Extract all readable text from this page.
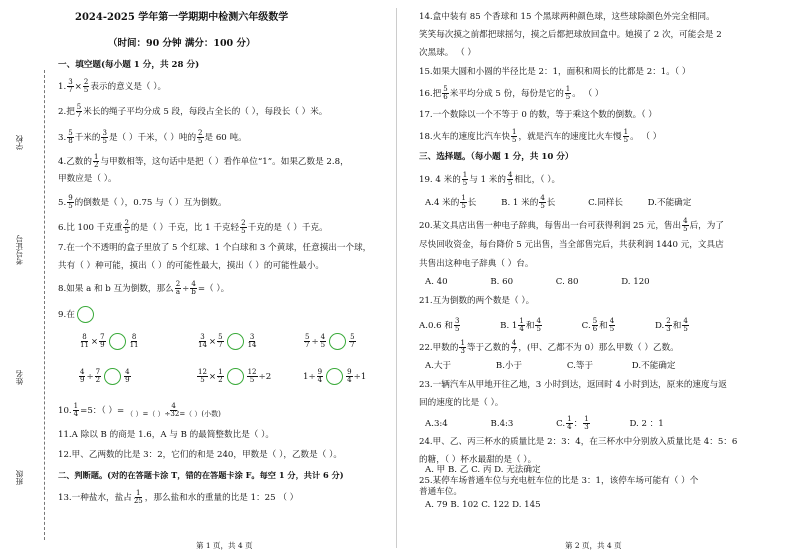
班级
姓名
考号证号
学校
2024-2025 学年第一学期期中检测六年级数学
（时间：90 分钟 满分：100 分）
一、填空题(每小题 1 分，共 28 分)
1. $\frac{3}{7} \times \frac{2}{5}$ 表示的意义是（ ）。
2.把 $\frac{5}{7}$ 米长的绳子平均分成 5 段，每段占全长的（ ），每段长（ ）米。
3. $\frac{5}{8}$ 千米的 $\frac{3}{5}$ 是（ ）千米，（ ）吨的 $\frac{2}{5}$ 是 60 吨。
4.乙数的 $\frac{1}{2}$ 与甲数相等，这句话中是把（ ）看作单位“1”。如果乙数是 2.8，
甲数应是（ ）。
5. $\frac{9}{5}$ 的倒数是（ ），0.75 与（ ）互为倒数。
6.比 100 千克重 $\frac{2}{5}$ 的是（ ）千克，比 1 千克轻 $\frac{2}{5}$ 千克的是（ ）千克。
7.在一个不透明的盒子里放了 5 个红球、1 个白球和 3 个黄球，任意摸出一个球，
共有（ ）种可能，摸出（ ）的可能性最大，摸出（ ）的可能性最小。
8.如果 a 和 b 互为倒数，那么 $\frac{2}{a} \div \frac{4}{b}$ =（ ）。
9.在
$\frac{8}{11} \times \frac{7}{9}$	$\frac{8}{11}$	$\frac{3}{14} \times \frac{5}{7}$	$\frac{3}{14}$	$\frac{5}{7} \div \frac{4}{5}$	$\frac{5}{7}$
$\frac{4}{9} \div \frac{7}{2}$	$\frac{4}{9}$	$\frac{12}{5} \times \frac{1}{2}$	$\frac{12}{5} \div 2$	$1\div \frac{9}{4}$	$\frac{9}{4} \div 1$
10. $\frac{1}{4} =5$：（ ）=	4
（ ）=（ ）÷32=（ ）(小数)
11.A 除以 B 的商是 1.6，A 与 B 的最简整数比是（ ）。
12.甲、乙两数的比是 3：2，它们的和是 240，甲数是（ ），乙数是（ ）。
二、判断题。(对的在答题卡涂 T，错的在答题卡涂 F。每空 1 分，共计 6 分)
13.一种盐水，盐占 $\frac{1}{25}$ ，那么盐和水的重量的比是 1：25 （ ）
第 1 页，共 4 页
14.盒中装有 85 个香球和 15 个黑球两种颜色球，这些球除颜色外完全相同。
笑笑每次摸之前都把球摇匀，摸之后都把球放回盒中。她摸了 2 次，可能会是 2
次黑球。 （ ）
15.如果大圆和小圆的半径比是 2：1，面积和周长的比都是 2：1。（ ）
16.把 $\frac{5}{6}$ 米平均分成 5 份，每份是它的 $\frac{1}{5}$ 。 （ ）
17.一个数除以一个不等于 0 的数，等于乘这个数的倒数。（ ）
18.火车的速度比汽车快 $\frac{1}{5}$ ，就是汽车的速度比火车慢 $\frac{1}{5}$ 。 （ ）
三、选择题。（每小题 1 分，共 10 分）
19. 4 米的 $\frac{1}{5}$ 与 1 米的 $\frac{4}{5}$ 相比，（ ）。
A.4 米的 $\frac{1}{5}$ 长	B. 1 米的 $\frac{4}{5}$ 长	C.同样长	D.不能确定
20.某文具店出售一种电子辞典，每售出一台可获得利润 25 元，售出 $\frac{4}{5}$ 后，为了
尽快回收资金，每台降价 5 元出售，当全部售完后，共获利润 1440 元，文具店
共售出这种电子辞典（ ）台。
A. 40	B. 60	C. 80	D. 120
21.互为倒数的两个数是（ ）。
A.0.6 和 $\frac{3}{5}$	B. $1 \frac{1}{4}$ 和 $\frac{4}{5}$	C. $\frac{5}{6}$ 和 $\frac{4}{5}$	D. $\frac{2}{3}$ 和 $\frac{4}{5}$
22.甲数的 $\frac{1}{3}$ 等于乙数的 $\frac{4}{7}$ ，(甲、乙都不为 0）那么甲数（ ）乙数。
A.大于	B.小于	C.等于	D.不能确定
23.一辆汽车从甲地开往乙地，3 小时到达，返回时 4 小时到达，原来的速度与返
回的速度的比是（ ）。
A.3:4	B.4:3	C. $\frac{1}{4}$ ： $\frac{1}{3}$	D. 2 ：1
24.甲、乙、丙三杯水的质量比是 2：3：4，在三杯水中分别放入质量比是 4：5：6
的糖，（ ）杯水最甜的是（ ）。
A. 甲 B. 乙 C. 丙 D. 无法确定
25.某停车场普通车位与充电桩车位的比是 3：1，该停车场可能有（ ）个
普通车位。
A. 79 B. 102 C. 122 D. 145
第 2 页，共 4 页
